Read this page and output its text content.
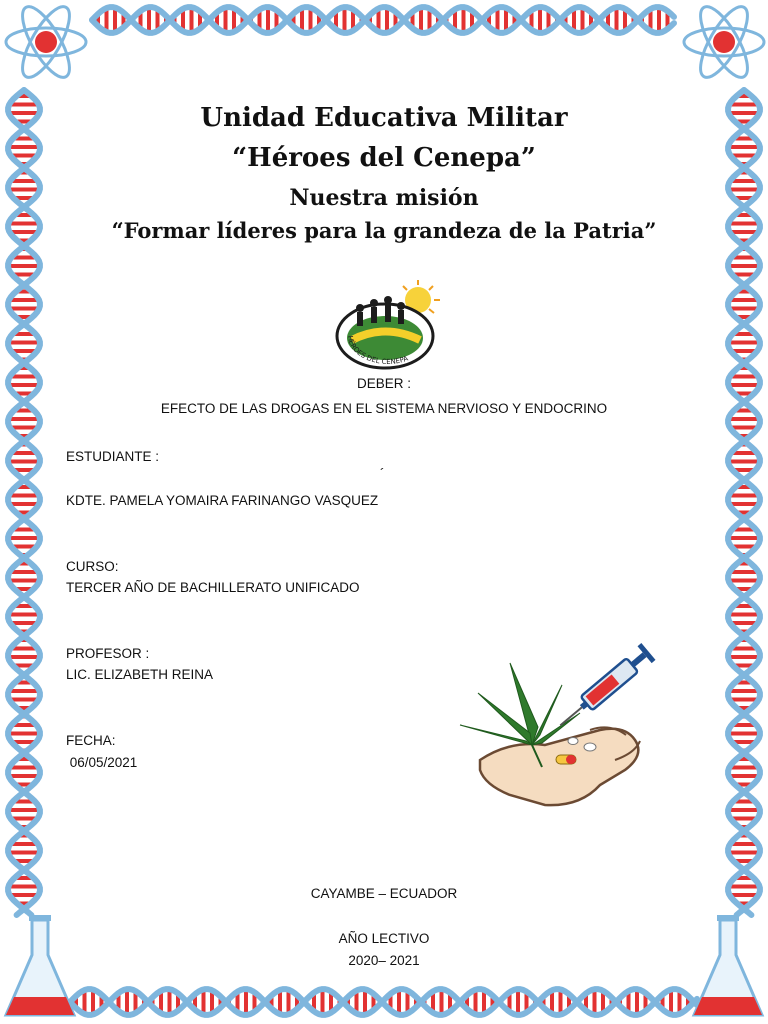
Unidad Educativa Militar
“Héroes del Cenepa”
Nuestra misión
“Formar líderes para la grandeza de la Patria”
HÉROES DEL CENEPA
DEBER :
EFECTO DE LAS DROGAS EN EL SISTEMA NERVIOSO Y ENDOCRINO
ESTUDIANTE :
´
KDTE. PAMELA YOMAIRA FARINANGO VASQUEZ
CURSO:
TERCER AÑO DE BACHILLERATO UNIFICADO
PROFESOR :
LIC. ELIZABETH REINA
FECHA:
06/05/2021
CAYAMBE – ECUADOR
AÑO LECTIVO
2020– 2021
